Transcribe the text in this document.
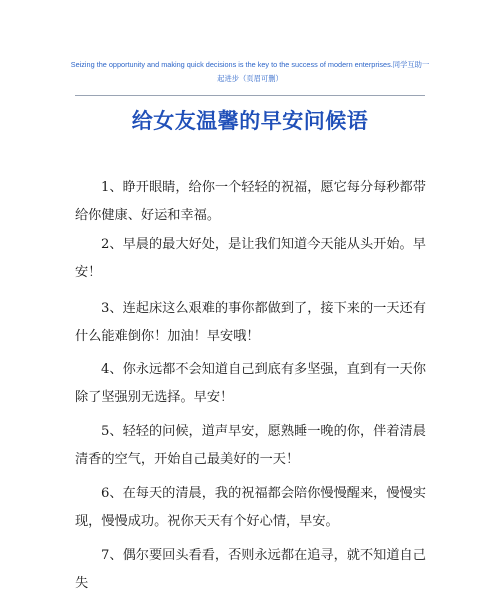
Seizing the opportunity and making quick decisions is the key to the success of modern enterprises.同学互助一起进步（页眉可删）
给女友温馨的早安问候语
1、睁开眼睛，给你一个轻轻的祝福，愿它每分每秒都带给你健康、好运和幸福。
2、早晨的最大好处，是让我们知道今天能从头开始。早安！
3、连起床这么艰难的事你都做到了，接下来的一天还有什么能难倒你！加油！早安哦！
4、你永远都不会知道自己到底有多坚强，直到有一天你除了坚强别无选择。早安！
5、轻轻的问候，道声早安，愿熟睡一晚的你，伴着清晨清香的空气，开始自己最美好的一天！
6、在每天的清晨，我的祝福都会陪你慢慢醒来，慢慢实现，慢慢成功。祝你天天有个好心情，早安。
7、偶尔要回头看看，否则永远都在追寻，就不知道自己失
